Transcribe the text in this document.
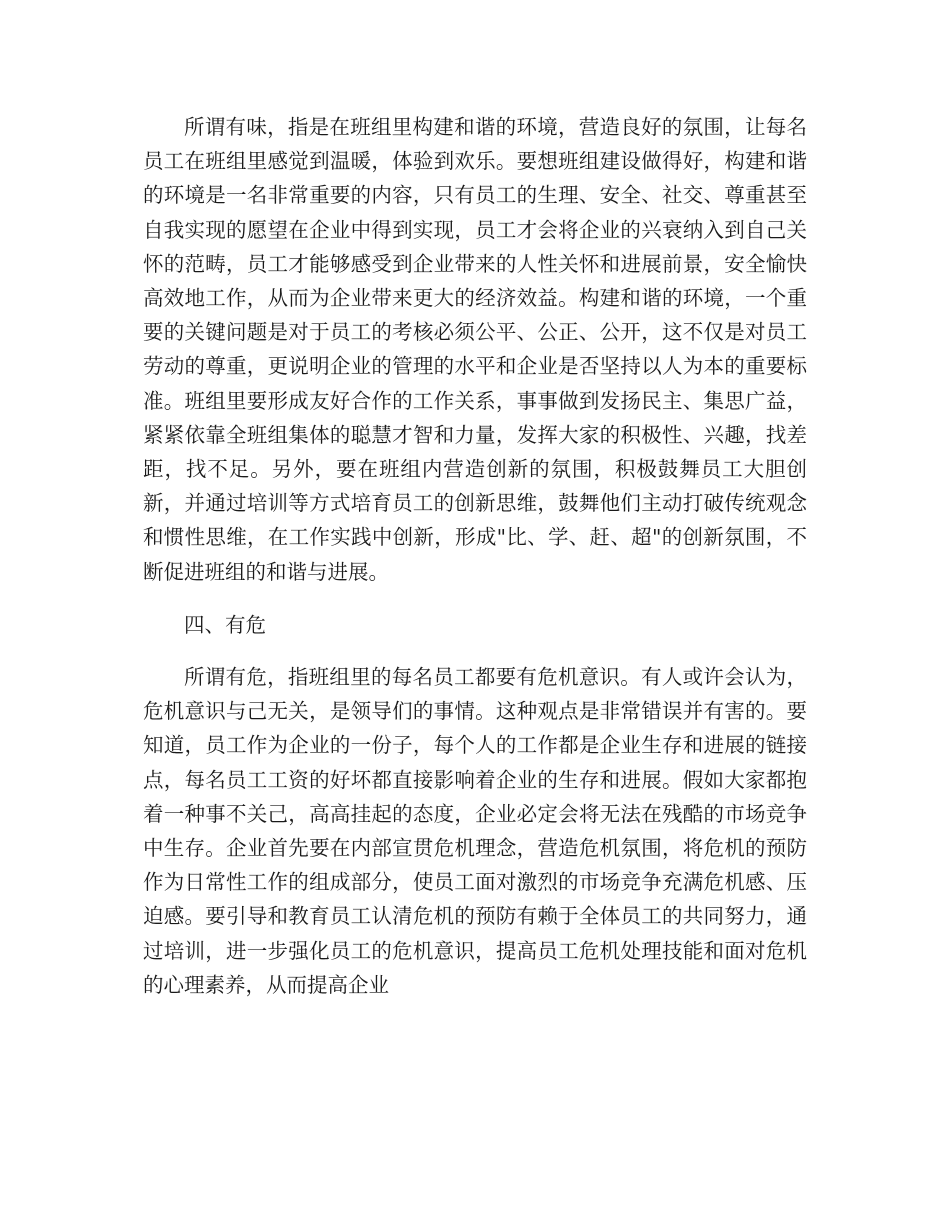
所谓有味，指是在班组里构建和谐的环境，营造良好的氛围，让每名员工在班组里感觉到温暖，体验到欢乐。要想班组建设做得好，构建和谐的环境是一名非常重要的内容，只有员工的生理、安全、社交、尊重甚至自我实现的愿望在企业中得到实现，员工才会将企业的兴衰纳入到自己关怀的范畴，员工才能够感受到企业带来的人性关怀和进展前景，安全愉快高效地工作，从而为企业带来更大的经济效益。构建和谐的环境，一个重要的关键问题是对于员工的考核必须公平、公正、公开，这不仅是对员工劳动的尊重，更说明企业的管理的水平和企业是否坚持以人为本的重要标准。班组里要形成友好合作的工作关系，事事做到发扬民主、集思广益，紧紧依靠全班组集体的聪慧才智和力量，发挥大家的积极性、兴趣，找差距，找不足。另外，要在班组内营造创新的氛围，积极鼓舞员工大胆创新，并通过培训等方式培育员工的创新思维，鼓舞他们主动打破传统观念和惯性思维，在工作实践中创新，形成"比、学、赶、超"的创新氛围，不断促进班组的和谐与进展。

四、有危

所谓有危，指班组里的每名员工都要有危机意识。有人或许会认为，危机意识与己无关，是领导们的事情。这种观点是非常错误并有害的。要知道，员工作为企业的一份子，每个人的工作都是企业生存和进展的链接点，每名员工工资的好坏都直接影响着企业的生存和进展。假如大家都抱着一种事不关己，高高挂起的态度，企业必定会将无法在残酷的市场竞争中生存。企业首先要在内部宣贯危机理念，营造危机氛围，将危机的预防作为日常性工作的组成部分，使员工面对激烈的市场竞争充满危机感、压迫感。要引导和教育员工认清危机的预防有赖于全体员工的共同努力，通过培训，进一步强化员工的危机意识，提高员工危机处理技能和面对危机的心理素养，从而提高企业
